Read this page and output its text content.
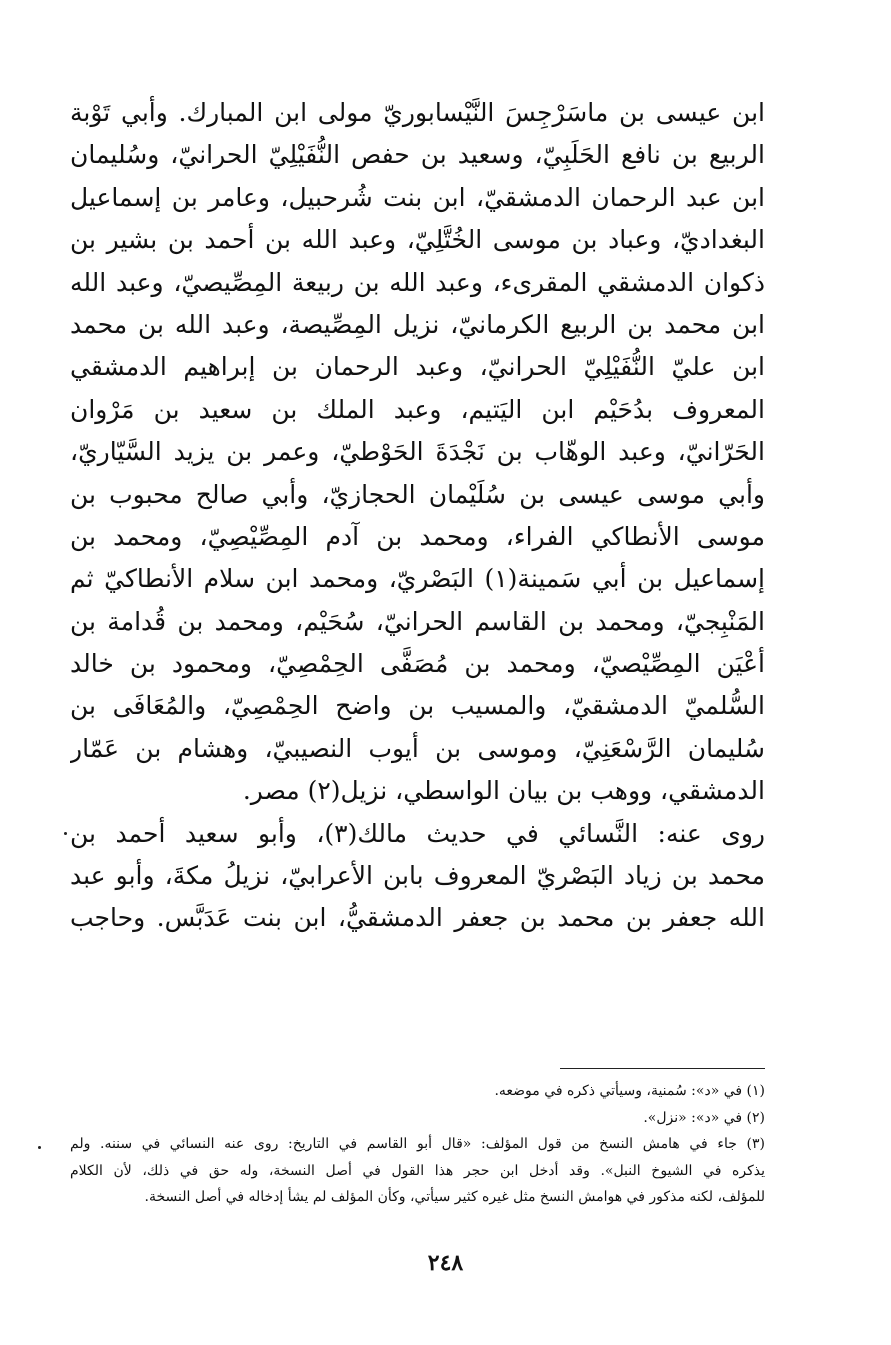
ابن عيسى بن ماسَرْجِسَ النَّيْسابوريّ مولى ابن المبارك. وأبي تَوْبة
الربيع بن نافع الحَلَبِيّ، وسعيد بن حفص النُّفَيْلِيّ الحرانيّ، وسُليمان
ابن عبد الرحمان الدمشقيّ، ابن بنت شُرحبيل، وعامر بن إسماعيل
البغداديّ، وعباد بن موسى الخُتَّلِيّ، وعبد الله بن أحمد بن بشير بن
ذكوان الدمشقي المقرىء، وعبد الله بن ربيعة المِصِّيصيّ، وعبد الله
ابن محمد بن الربيع الكرمانيّ، نزيل المِصِّيصة، وعبد الله بن محمد
ابن عليّ النُّفَيْلِيّ الحرانيّ، وعبد الرحمان بن إبراهيم الدمشقي
المعروف بدُحَيْم ابن اليَتيم، وعبد الملك بن سعيد بن مَرْوان
الحَرّانيّ، وعبد الوهّاب بن نَجْدَةَ الحَوْطيّ، وعمر بن يزيد السَّيّاريّ،
وأبي موسى عيسى بن سُلَيْمان الحجازيّ، وأبي صالح محبوب بن
موسى الأنطاكي الفراء، ومحمد بن آدم المِصِّيْصِيّ، ومحمد بن
إسماعيل بن أبي سَمينة(١) البَصْريّ، ومحمد ابن سلام الأنطاكيّ ثم
المَنْبِجيّ، ومحمد بن القاسم الحرانيّ، سُحَيْم، ومحمد بن قُدامة بن
أعْيَن المِصِّيْصيّ، ومحمد بن مُصَفَّى الحِمْصِيّ، ومحمود بن خالد
السُّلميّ الدمشقيّ، والمسيب بن واضح الحِمْصِيّ، والمُعَافَى بن
سُليمان الرَّسْعَنِيّ، وموسى بن أيوب النصيبيّ، وهشام بن عَمّار
الدمشقي، ووهب بن بيان الواسطي، نزيل(٢) مصر.
روى عنه: النَّسائي في حديث مالك(٣)، وأبو سعيد أحمد بن
محمد بن زياد البَصْريّ المعروف بابن الأعرابيّ، نزيلُ مكةَ، وأبو عبد
الله جعفر بن محمد بن جعفر الدمشقيُّ، ابن بنت عَدَبَّس. وحاجب
(١) في «د»: سُمنية، وسيأتي ذكره في موضعه.
(٢) في «د»: «نزل».
(٣) جاء في هامش النسخ من قول المؤلف: «قال أبو القاسم في التاريخ: روى عنه النسائي في سننه. ولم
يذكره في الشيوخ النبل». وقد أدخل ابن حجر هذا القول في أصل النسخة، وله حق في ذلك، لأن الكلام
للمؤلف، لكنه مذكور في هوامش النسخ مثل غيره كثير سيأتي، وكأن المؤلف لم يشأ إدخاله في أصل النسخة.
٢٤٨
